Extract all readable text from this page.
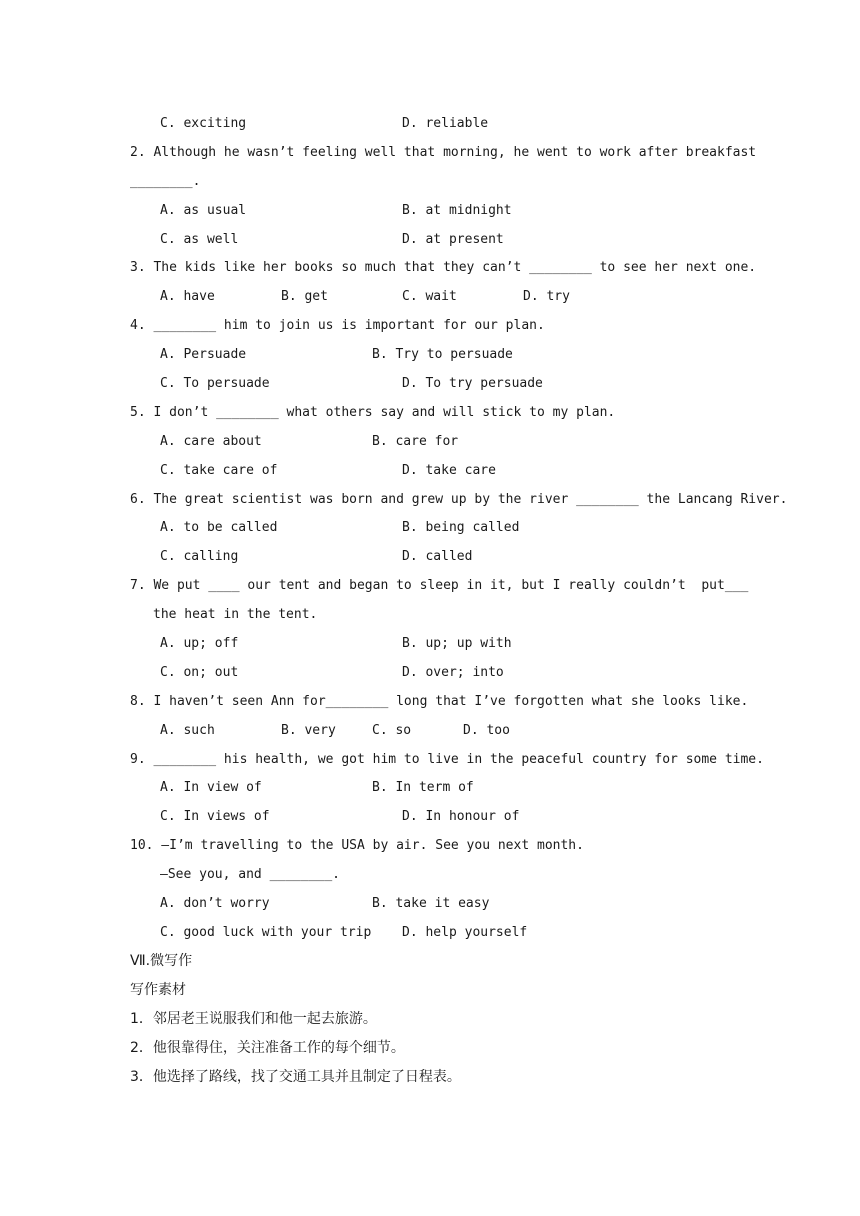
C. exciting	D. reliable
2. Although he wasn’t feeling well that morning, he went to work after breakfast
________.
A. as usual	B. at midnight
C. as well	D. at present
3. The kids like her books so much that they can’t ________ to see her next one.
A. have	B. get	C. wait	D. try
4. ________ him to join us is important for our plan.
A. Persuade	B. Try to persuade
C. To persuade	D. To try persuade
5. I don’t ________ what others say and will stick to my plan.
A. care about	B. care for
C. take care of	D. take care
6. The great scientist was born and grew up by the river ________ the Lancang River.
A. to be called	B. being called
C. calling	D. called
7. We put ____ our tent and began to sleep in it, but I really couldn’t  put___
the heat in the tent.
A. up; off	B. up; up with
C. on; out	D. over; into
8. I haven’t seen Ann for________ long that I’ve forgotten what she looks like.
A. such	B. very	C. so	D. too
9. ________ his health, we got him to live in the peaceful country for some time.
A. In view of	B. In term of
C. In views of	D. In honour of
10. —I’m travelling to the USA by air. See you next month.
—See you, and ________.
A. don’t worry	B. take it easy
C. good luck with your trip D. help yourself
Ⅶ.微写作
写作素材
1．邻居老王说服我们和他一起去旅游。
2．他很靠得住，关注准备工作的每个细节。
3．他选择了路线，找了交通工具并且制定了日程表。
